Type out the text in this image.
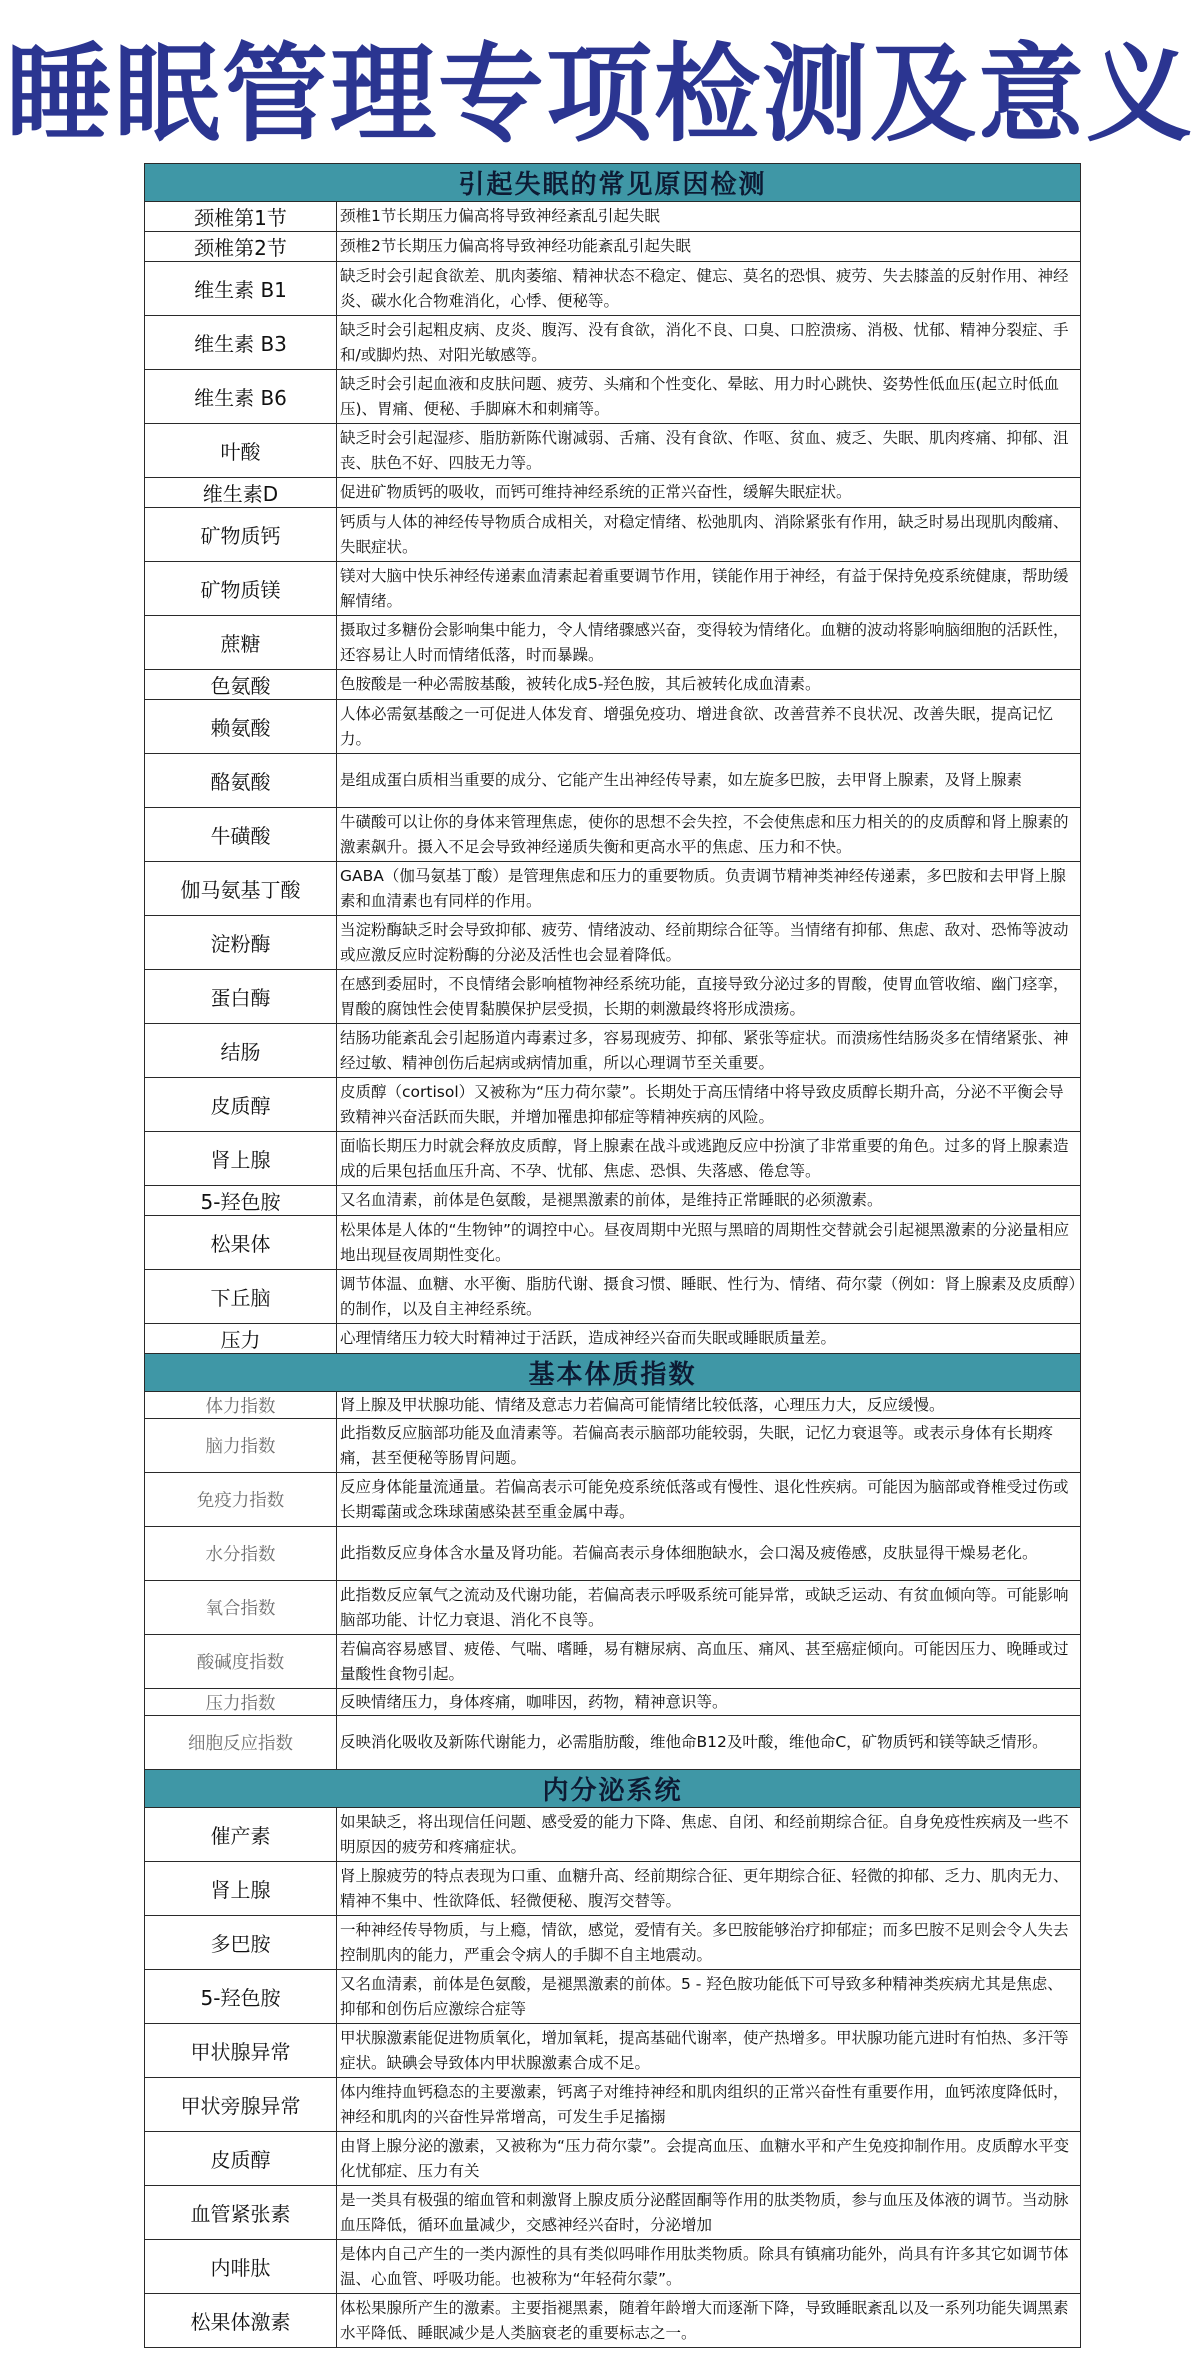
睡眠管理专项检测及意义
引起失眠的常见原因检测	
颈椎第1节	颈椎1节长期压力偏高将导致神经紊乱引起失眠
颈椎第2节	颈椎2节长期压力偏高将导致神经功能紊乱引起失眠
维生素 B1	缺乏时会引起食欲差、肌肉萎缩、精神状态不稳定、健忘、莫名的恐惧、疲劳、失去膝盖的反射作用、神经炎、碳水化合物难消化，心悸、便秘等。
维生素 B3	缺乏时会引起粗皮病、皮炎、腹泻、没有食欲，消化不良、口臭、口腔溃疡、消极、忧郁、精神分裂症、手和/或脚灼热、对阳光敏感等。
维生素 B6	缺乏时会引起血液和皮肤问题、疲劳、头痛和个性变化、晕眩、用力时心跳快、姿势性低血压(起立时低血压)、胃痛、便秘、手脚麻木和刺痛等。
叶酸	缺乏时会引起湿疹、脂肪新陈代谢减弱、舌痛、没有食欲、作呕、贫血、疲乏、失眠、肌肉疼痛、抑郁、沮丧、肤色不好、四肢无力等。
维生素D	促进矿物质钙的吸收，而钙可维持神经系统的正常兴奋性，缓解失眠症状。
矿物质钙	钙质与人体的神经传导物质合成相关，对稳定情绪、松弛肌肉、消除紧张有作用，缺乏时易出现肌肉酸痛、失眠症状。
矿物质镁	镁对大脑中快乐神经传递素血清素起着重要调节作用，镁能作用于神经，有益于保持免疫系统健康，帮助缓解情绪。
蔗糖	摄取过多糖份会影响集中能力，令人情绪骤感兴奋，变得较为情绪化。血糖的波动将影响脑细胞的活跃性，还容易让人时而情绪低落，时而暴躁。
色氨酸	色胺酸是一种必需胺基酸，被转化成5-羟色胺，其后被转化成血清素。
赖氨酸	人体必需氨基酸之一可促进人体发育、增强免疫功、增进食欲、改善营养不良状况、改善失眠，提高记忆力。
酪氨酸	是组成蛋白质相当重要的成分、它能产生出神经传导素，如左旋多巴胺，去甲肾上腺素，及肾上腺素
牛磺酸	牛磺酸可以让你的身体来管理焦虑，使你的思想不会失控，不会使焦虑和压力相关的的皮质醇和肾上腺素的激素飙升。摄入不足会导致神经递质失衡和更高水平的焦虑、压力和不快。
伽马氨基丁酸	GABA（伽马氨基丁酸）是管理焦虑和压力的重要物质。负责调节精神类神经传递素，多巴胺和去甲肾上腺素和血清素也有同样的作用。
淀粉酶	当淀粉酶缺乏时会导致抑郁、疲劳、情绪波动、经前期综合征等。当情绪有抑郁、焦虑、敌对、恐怖等波动或应激反应时淀粉酶的分泌及活性也会显着降低。
蛋白酶	在感到委屈时，不良情绪会影响植物神经系统功能，直接导致分泌过多的胃酸，使胃血管收缩、幽门痉挛，胃酸的腐蚀性会使胃黏膜保护层受损，长期的刺激最终将形成溃疡。
结肠	结肠功能紊乱会引起肠道内毒素过多，容易现疲劳、抑郁、紧张等症状。而溃疡性结肠炎多在情绪紧张、神经过敏、精神创伤后起病或病情加重，所以心理调节至关重要。
皮质醇	皮质醇（cortisol）又被称为“压力荷尔蒙”。长期处于高压情绪中将导致皮质醇长期升高，分泌不平衡会导致精神兴奋活跃而失眠，并增加罹患抑郁症等精神疾病的风险。
肾上腺	面临长期压力时就会释放皮质醇，肾上腺素在战斗或逃跑反应中扮演了非常重要的角色。过多的肾上腺素造成的后果包括血压升高、不孕、忧郁、焦虑、恐惧、失落感、倦怠等。
5-羟色胺	又名血清素，前体是色氨酸，是褪黑激素的前体，是维持正常睡眠的必须激素。
松果体	松果体是人体的“生物钟”的调控中心。昼夜周期中光照与黑暗的周期性交替就会引起褪黑激素的分泌量相应地出现昼夜周期性变化。
下丘脑	调节体温、血糖、水平衡、脂肪代谢、摄食习惯、睡眠、性行为、情绪、荷尔蒙（例如：肾上腺素及皮质醇）的制作，以及自主神经系统。
压力	心理情绪压力较大时精神过于活跃，造成神经兴奋而失眠或睡眠质量差。
基本体质指数	
体力指数	肾上腺及甲状腺功能、情绪及意志力若偏高可能情绪比较低落，心理压力大，反应缓慢。
脑力指数	此指数反应脑部功能及血清素等。若偏高表示脑部功能较弱，失眠，记忆力衰退等。或表示身体有长期疼痛，甚至便秘等肠胃问题。
免疫力指数	反应身体能量流通量。若偏高表示可能免疫系统低落或有慢性、退化性疾病。可能因为脑部或脊椎受过伤或长期霉菌或念珠球菌感染甚至重金属中毒。
水分指数	此指数反应身体含水量及肾功能。若偏高表示身体细胞缺水，会口渴及疲倦感，皮肤显得干燥易老化。
氧合指数	此指数反应氧气之流动及代谢功能，若偏高表示呼吸系统可能异常，或缺乏运动、有贫血倾向等。可能影响脑部功能、计忆力衰退、消化不良等。
酸碱度指数	若偏高容易感冒、疲倦、气喘、嗜睡，易有糖尿病、高血压、痛风、甚至癌症倾向。可能因压力、晚睡或过量酸性食物引起。
压力指数	反映情绪压力，身体疼痛，咖啡因，药物，精神意识等。
细胞反应指数	反映消化吸收及新陈代谢能力，必需脂肪酸，维他命B12及叶酸，维他命C，矿物质钙和镁等缺乏情形。
内分泌系统	
催产素	如果缺乏，将出现信任问题、感受爱的能力下降、焦虑、自闭、和经前期综合征。自身免疫性疾病及一些不明原因的疲劳和疼痛症状。
肾上腺	肾上腺疲劳的特点表现为口重、血糖升高、经前期综合征、更年期综合征、轻微的抑郁、乏力、肌肉无力、精神不集中、性欲降低、轻微便秘、腹泻交替等。
多巴胺	一种神经传导物质，与上瘾，情欲，感觉，爱情有关。多巴胺能够治疗抑郁症；而多巴胺不足则会令人失去控制肌肉的能力，严重会令病人的手脚不自主地震动。
5-羟色胺	又名血清素，前体是色氨酸，是褪黑激素的前体。5 - 羟色胺功能低下可导致多种精神类疾病尤其是焦虑、抑郁和创伤后应激综合症等
甲状腺异常	甲状腺激素能促进物质氧化，增加氧耗，提高基础代谢率，使产热增多。甲状腺功能亢进时有怕热、多汗等症状。缺碘会导致体内甲状腺激素合成不足。
甲状旁腺异常	体内维持血钙稳态的主要激素，钙离子对维持神经和肌肉组织的正常兴奋性有重要作用，血钙浓度降低时，神经和肌肉的兴奋性异常增高，可发生手足搐搦
皮质醇	由肾上腺分泌的激素，又被称为“压力荷尔蒙”。会提高血压、血糖水平和产生免疫抑制作用。皮质醇水平变化忧郁症、压力有关
血管紧张素	是一类具有极强的缩血管和刺激肾上腺皮质分泌醛固酮等作用的肽类物质，参与血压及体液的调节。当动脉血压降低，循环血量减少，交感神经兴奋时，分泌增加
内啡肽	是体内自己产生的一类内源性的具有类似吗啡作用肽类物质。除具有镇痛功能外，尚具有许多其它如调节体温、心血管、呼吸功能。也被称为“年轻荷尔蒙”。
松果体激素	体松果腺所产生的激素。主要指褪黑素，随着年龄增大而逐渐下降，导致睡眠紊乱以及一系列功能失调黑素水平降低、睡眠减少是人类脑衰老的重要标志之一。
